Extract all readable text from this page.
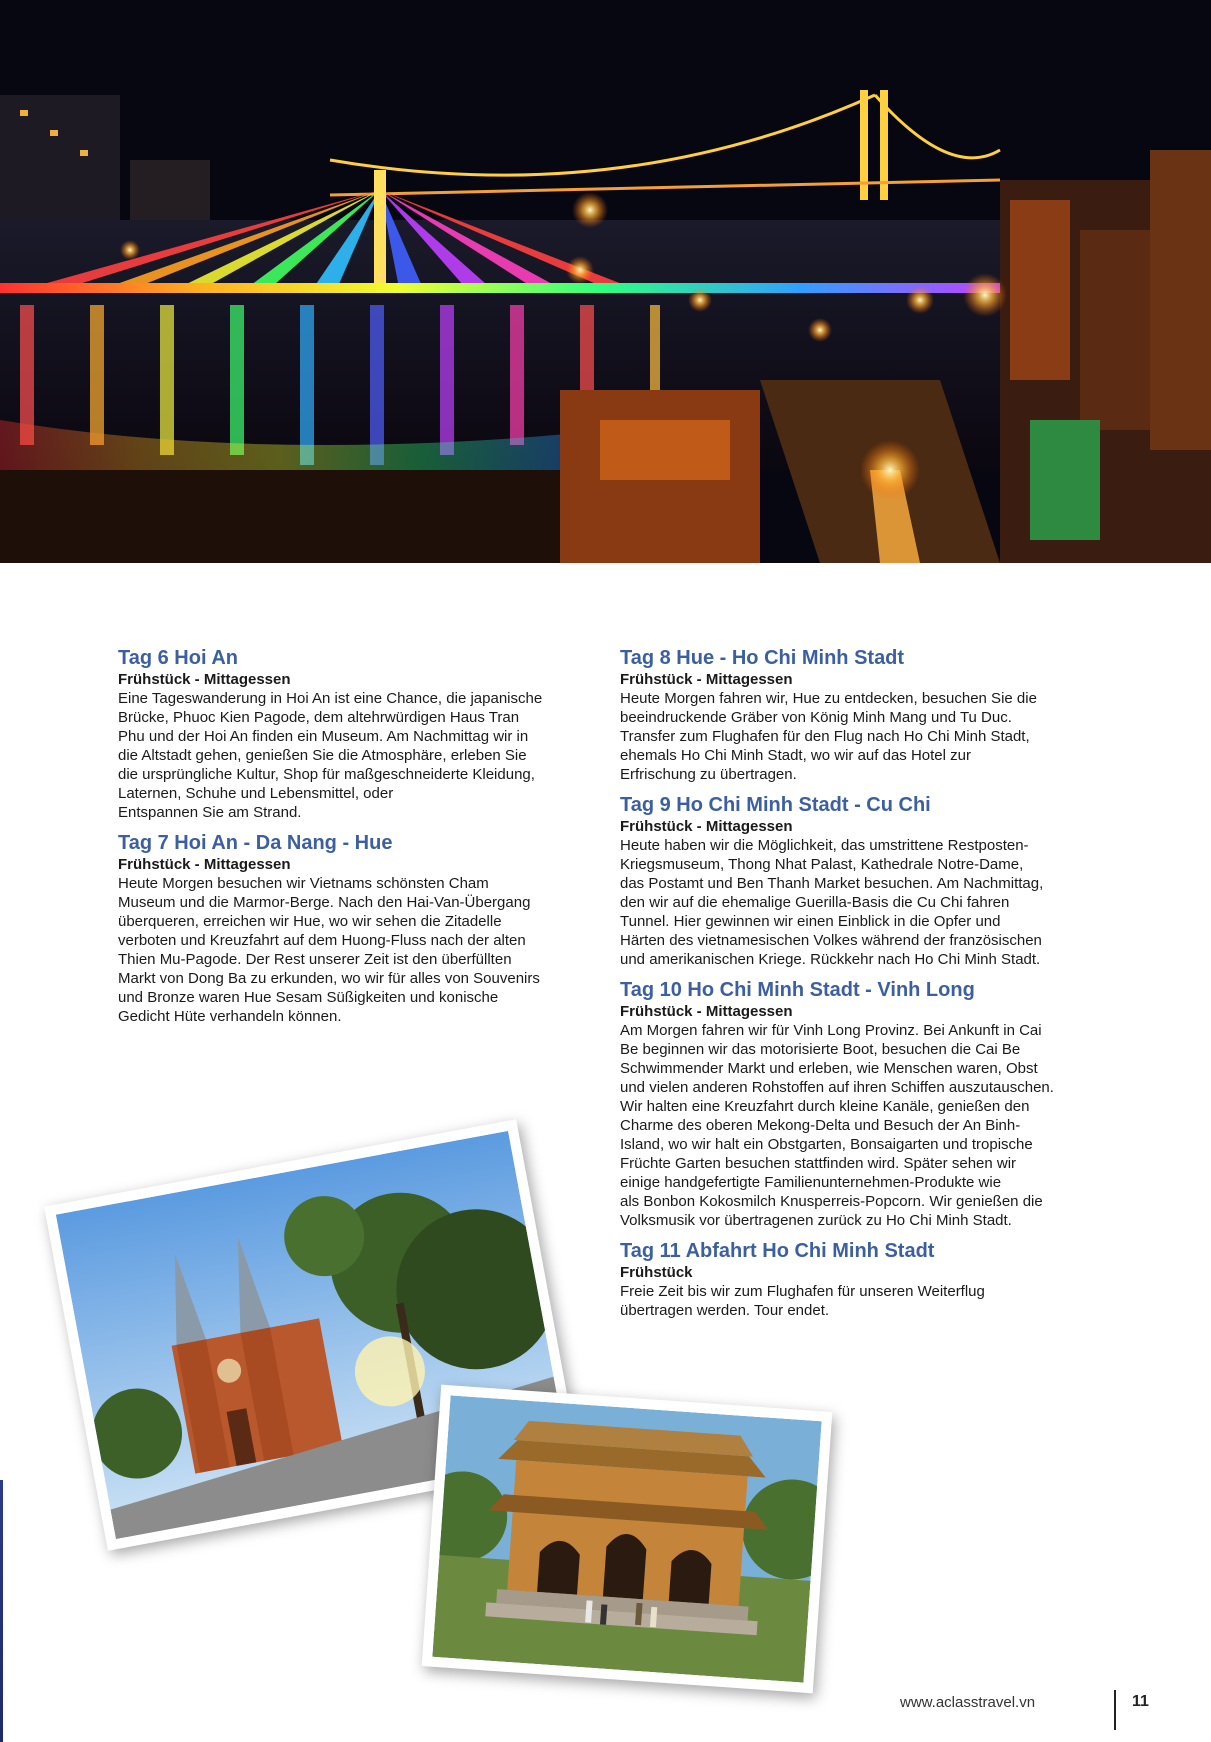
Tag 6 Hoi An

Frühstück - Mittagessen

Eine Tageswanderung in Hoi An ist eine Chance, die japanische
Brücke, Phuoc Kien Pagode, dem altehrwürdigen Haus Tran
Phu und der Hoi An finden ein Museum. Am Nachmittag wir in
die Altstadt gehen, genießen Sie die Atmosphäre, erleben Sie
die ursprüngliche Kultur, Shop für maßgeschneiderte Kleidung,
Laternen, Schuhe und Lebensmittel, oder
Entspannen Sie am Strand.

Tag 7 Hoi An - Da Nang - Hue

Frühstück - Mittagessen

Heute Morgen besuchen wir Vietnams schönsten Cham
Museum und die Marmor-Berge. Nach den Hai-Van-Übergang
überqueren, erreichen wir Hue, wo wir sehen die Zitadelle
verboten und Kreuzfahrt auf dem Huong-Fluss nach der alten
Thien Mu-Pagode. Der Rest unserer Zeit ist den überfüllten
Markt von Dong Ba zu erkunden, wo wir für alles von Souvenirs
und Bronze waren Hue Sesam Süßigkeiten und konische
Gedicht Hüte verhandeln können.

Tag 8 Hue - Ho Chi Minh Stadt

Frühstück - Mittagessen

Heute Morgen fahren wir, Hue zu entdecken, besuchen Sie die
beeindruckende Gräber von König Minh Mang und Tu Duc.
Transfer zum Flughafen für den Flug nach Ho Chi Minh Stadt,
ehemals Ho Chi Minh Stadt, wo wir auf das Hotel zur
Erfrischung zu übertragen.

Tag 9 Ho Chi Minh Stadt - Cu Chi

Frühstück - Mittagessen

Heute haben wir die Möglichkeit, das umstrittene Restposten-
Kriegsmuseum, Thong Nhat Palast, Kathedrale Notre-Dame,
das Postamt und Ben Thanh Market besuchen. Am Nachmittag,
den wir auf die ehemalige Guerilla-Basis die Cu Chi fahren
Tunnel. Hier gewinnen wir einen Einblick in die Opfer und
Härten des vietnamesischen Volkes während der französischen
und amerikanischen Kriege. Rückkehr nach Ho Chi Minh Stadt.

Tag 10 Ho Chi Minh Stadt - Vinh Long

Frühstück - Mittagessen

Am Morgen fahren wir für Vinh Long Provinz. Bei Ankunft in Cai
Be beginnen wir das motorisierte Boot, besuchen die Cai Be
Schwimmender Markt und erleben, wie Menschen waren, Obst
und vielen anderen Rohstoffen auf ihren Schiffen auszutauschen.
Wir halten eine Kreuzfahrt durch kleine Kanäle, genießen den
Charme des oberen Mekong-Delta und Besuch der An Binh-
Island, wo wir halt ein Obstgarten, Bonsaigarten und tropische
Früchte Garten besuchen stattfinden wird. Später sehen wir
einige handgefertigte Familienunternehmen-Produkte wie
als Bonbon Kokosmilch Knusperreis-Popcorn. Wir genießen die
Volksmusik vor übertragenen zurück zu Ho Chi Minh Stadt.

Tag 11 Abfahrt Ho Chi Minh Stadt

Frühstück

Freie Zeit bis wir zum Flughafen für unseren Weiterflug
übertragen werden. Tour endet.

www.aclasstravel.vn	11
